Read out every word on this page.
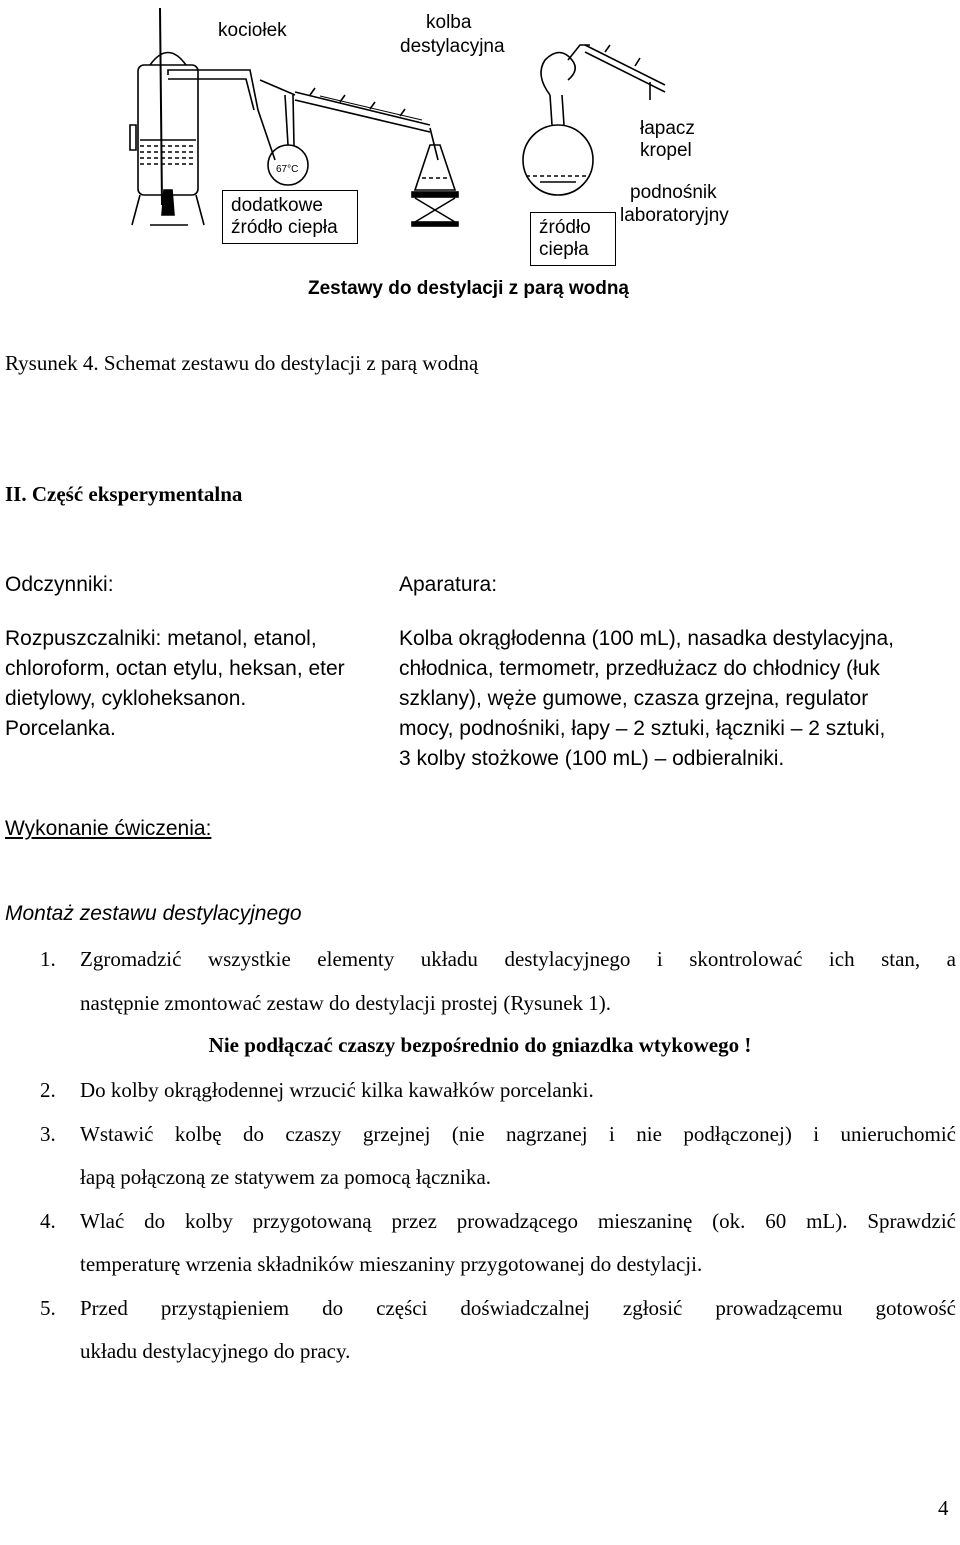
67°C
kociołek	kolba
destylacyjna
dodatkowe
źródło ciepła	źródło
ciepła
łapacz kropel
podnośnik
laboratoryjny
Zestawy do destylacji z parą wodną
Rysunek 4. Schemat zestawu do destylacji z parą wodną
II. Część eksperymentalna
Odczynniki:
Rozpuszczalniki: metanol, etanol,
chloroform, octan etylu, heksan, eter
dietylowy, cykloheksanon.
Porcelanka.
Aparatura:
Kolba okrągłodenna (100 mL), nasadka destylacyjna,
chłodnica, termometr, przedłużacz do chłodnicy (łuk
szklany), węże gumowe, czasza grzejna, regulator
mocy, podnośniki, łapy – 2 sztuki, łączniki – 2 sztuki,
3 kolby stożkowe (100 mL) – odbieralniki.
Wykonanie ćwiczenia:
Montaż zestawu destylacyjnego
1. Zgromadzić wszystkie elementy układu destylacyjnego i skontrolować ich stan, a
następnie zmontować zestaw do destylacji prostej (Rysunek 1).
Nie podłączać czaszy bezpośrednio do gniazdka wtykowego !
2. Do kolby okrągłodennej wrzucić kilka kawałków porcelanki.
3. Wstawić kolbę do czaszy grzejnej (nie nagrzanej i nie podłączonej) i unieruchomić
łapą połączoną ze statywem za pomocą łącznika.
4. Wlać do kolby przygotowaną przez prowadzącego mieszaninę (ok. 60 mL). Sprawdzić
temperaturę wrzenia składników mieszaniny przygotowanej do destylacji.
5. Przed przystąpieniem do części doświadczalnej zgłosić prowadzącemu gotowość
układu destylacyjnego do pracy.
4
